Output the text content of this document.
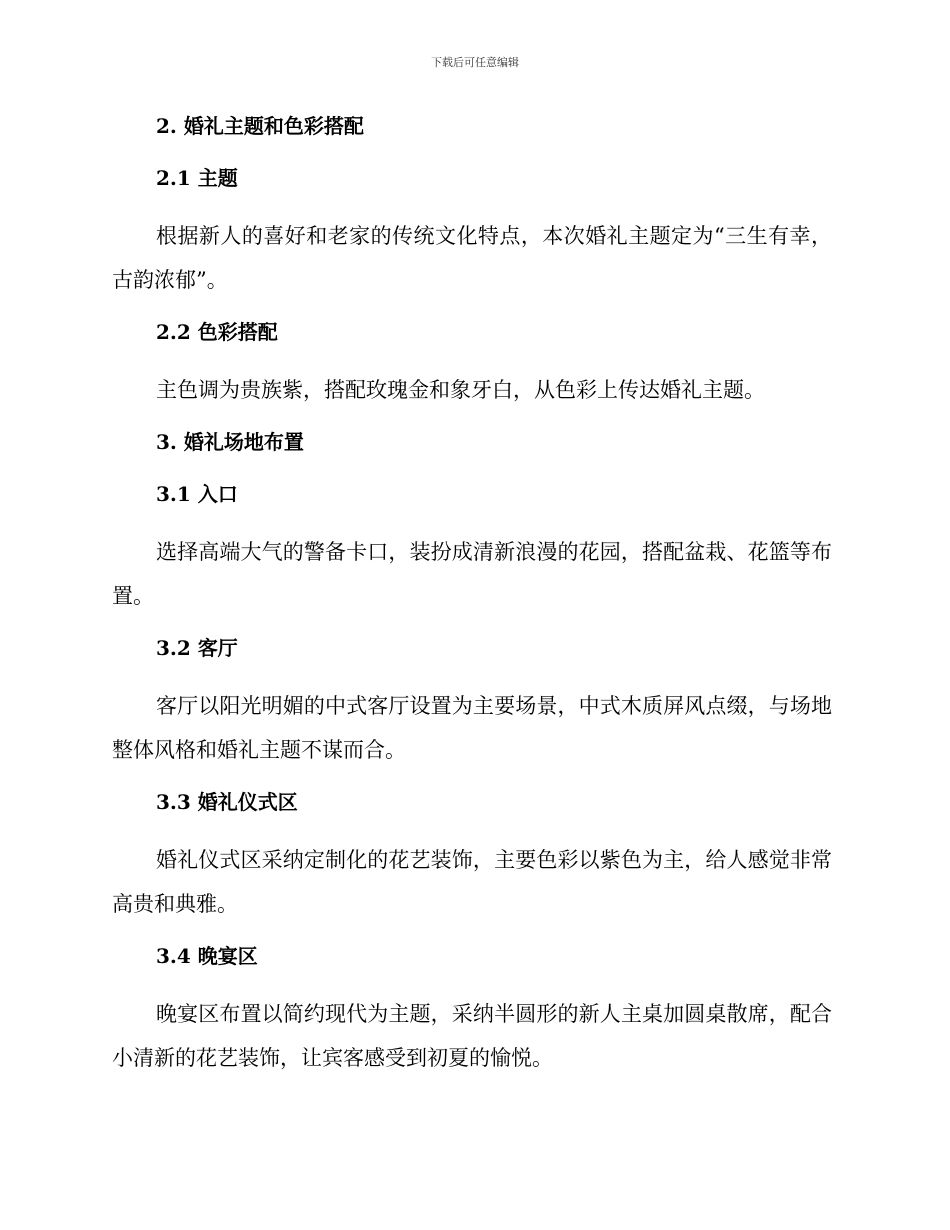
下载后可任意编辑
2. 婚礼主题和色彩搭配
2.1 主题

根据新人的喜好和老家的传统文化特点，本次婚礼主题定为“三生有幸，古韵浓郁”。

2.2 色彩搭配

主色调为贵族紫，搭配玫瑰金和象牙白，从色彩上传达婚礼主题。

3. 婚礼场地布置
3.1 入口

选择高端大气的警备卡口，装扮成清新浪漫的花园，搭配盆栽、花篮等布置。

3.2 客厅

客厅以阳光明媚的中式客厅设置为主要场景，中式木质屏风点缀，与场地整体风格和婚礼主题不谋而合。

3.3 婚礼仪式区

婚礼仪式区采纳定制化的花艺装饰，主要色彩以紫色为主，给人感觉非常高贵和典雅。

3.4 晚宴区

晚宴区布置以简约现代为主题，采纳半圆形的新人主桌加圆桌散席，配合小清新的花艺装饰，让宾客感受到初夏的愉悦。
